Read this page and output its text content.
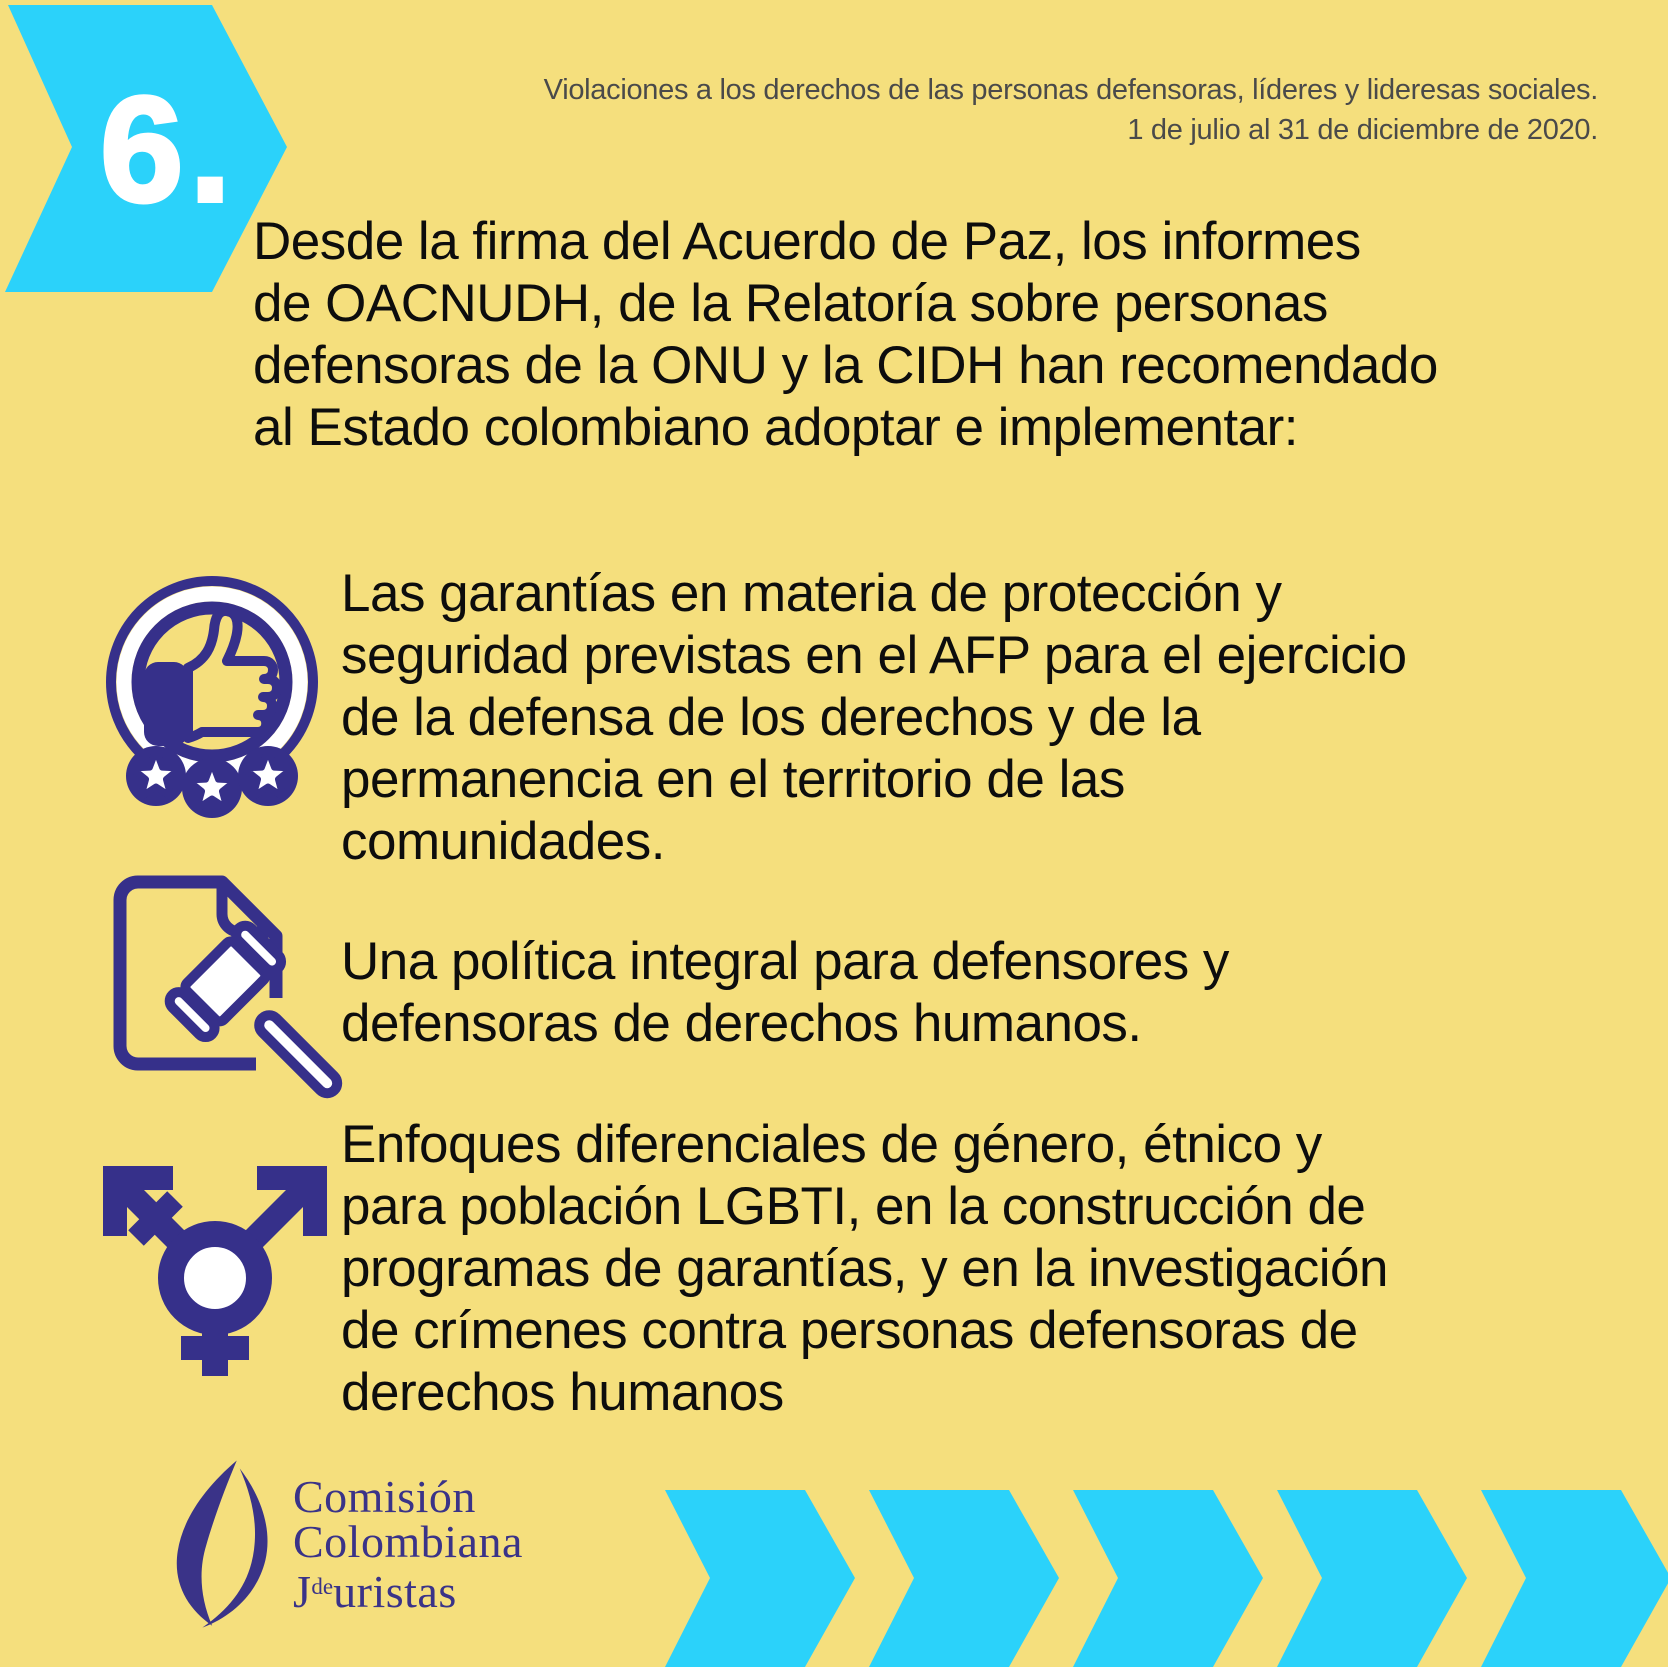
6.	Violaciones a los derechos de las personas defensoras, líderes y lideresas sociales.
1 de julio al 31 de diciembre de 2020.
Desde la firma del Acuerdo de Paz, los informes
de OACNUDH, de la Relatoría sobre personas
defensoras de la ONU y la CIDH han recomendado
al Estado colombiano adoptar e implementar:
Las garantías en materia de protección y
seguridad previstas en el AFP para el ejercicio
de la defensa de los derechos y de la
permanencia en el territorio de las
comunidades.
Una política integral para defensores y
defensoras de derechos humanos.
Enfoques diferenciales de género, étnico y
para población LGBTI, en la construcción de
programas de garantías, y en la investigación
de crímenes contra personas defensoras de
derechos humanos
Comisión
Colombiana
$J^{de}uristas$
